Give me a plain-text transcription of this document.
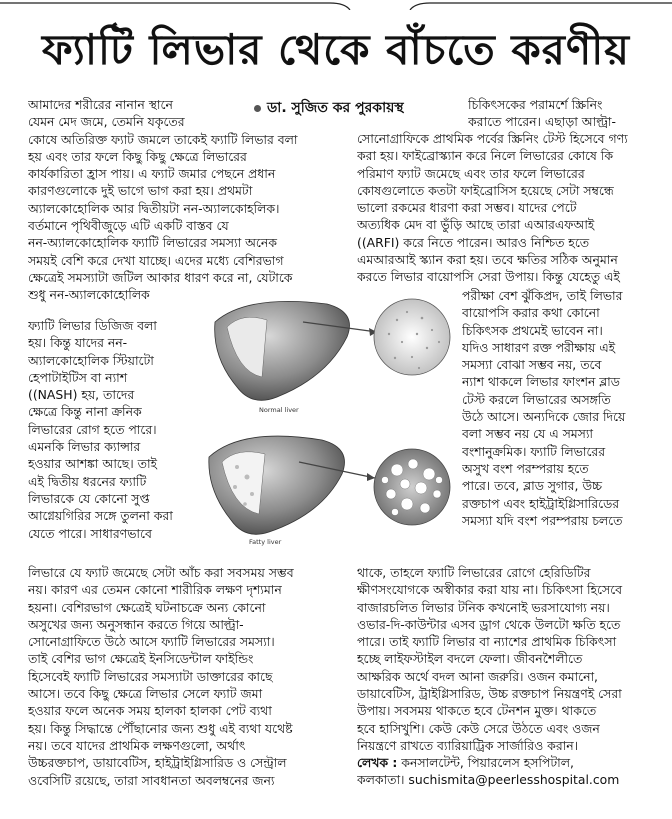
ফ্যাটি লিভার থেকে বাঁচতে করণীয়
ডা. সুজিত কর পুরকায়স্থ
আমাদের শরীরের নানান স্থানে
যেমন মেদ জমে, তেমনি যকৃতের
কোষে অতিরিক্ত ফ্যাট জমলে তাকেই ফ্যাটি লিভার বলা
হয় এবং তার ফলে কিছু কিছু ক্ষেত্রে লিভারের
কার্যকারিতা হ্রাস পায়। এ ফ্যাট জমার পেছনে প্রধান
কারণগুলোকে দুই ভাগে ভাগ করা হয়। প্রথমটা
অ্যালকোহোলিক আর দ্বিতীয়টা নন-অ্যালকোহলিক।
বর্তমানে পৃথিবীজুড়ে এটি একটি বাস্তব যে
নন-অ্যালকোহোলিক ফ্যাটি লিভারের সমস্যা অনেক
সময়ই বেশি করে দেখা যাচ্ছে। এদের মধ্যে বেশিরভাগ
ক্ষেত্রেই সমস্যাটা জটিল আকার ধারণ করে না, যেটাকে
শুধু নন-অ্যালকোহোলিক
ফ্যাটি লিভার ডিজিজ বলা
হয়। কিন্তু যাদের নন-
অ্যালকোহোলিক স্টিয়াটো
হেপাটাইটিস বা ন্যাশ
((NASH) হয়, তাদের
ক্ষেত্রে কিন্তু নানা ক্রনিক
লিভারের রোগ হতে পারে।
এমনকি লিভার ক্যান্সার
হওয়ার আশঙ্কা আছে। তাই
এই দ্বিতীয় ধরনের ফ্যাটি
লিভারকে যে কোনো সুপ্ত
আগ্নেয়গিরির সঙ্গে তুলনা করা
যেতে পারে। সাধারণভাবে
লিভারে যে ফ্যাট জমেছে সেটা আঁচ করা সবসময় সম্ভব
নয়। কারণ এর তেমন কোনো শারীরিক লক্ষণ দৃশ্যমান
হয়না। বেশিরভাগ ক্ষেত্রেই ঘটনাচক্রে অন্য কোনো
অসুখের জন্য অনুসন্ধান করতে গিয়ে আল্ট্রা-
সোনোগ্রাফিতে উঠে আসে ফ্যাটি লিভারের সমস্যা।
তাই বেশির ভাগ ক্ষেত্রেই ইনসিডেন্টাল ফাইন্ডিং
হিসেবেই ফ্যাটি লিভারের সমস্যাটা ডাক্তারের কাছে
আসে। তবে কিছু ক্ষেত্রে লিভার সেলে ফ্যাট জমা
হওয়ার ফলে অনেক সময় হালকা হালকা পেট ব্যথা
হয়। কিন্তু সিদ্ধান্তে পৌঁছানোর জন্য শুধু এই ব্যথা যথেষ্ট
নয়। তবে যাদের প্রাথমিক লক্ষণগুলো, অর্থাৎ
উচ্চরক্তচাপ, ডায়াবেটিস, হাইট্রাইগ্লিসারিড ও সেন্ট্রাল
ওবেসিটি রয়েছে, তারা সাবধানতা অবলম্বনের জন্য
চিকিৎসকের পরামর্শে স্ক্রিনিং
করাতে পারেন। এছাড়া আল্ট্রা-
সোনোগ্রাফিকে প্রাথমিক পর্বের স্ক্রিনিং টেস্ট হিসেবে গণ্য
করা হয়। ফাইব্রোস্ক্যান করে নিলে লিভারের কোষে কি
পরিমাণ ফ্যাট জমেছে এবং তার ফলে লিভারের
কোষগুলোতে কতটা ফাইব্রোসিস হয়েছে সেটা সম্বন্ধে
ভালো রকমের ধারণা করা সম্ভব। যাদের পেটে
অত্যধিক মেদ বা ভুঁড়ি আছে তারা এআরএফআই
((ARFI) করে নিতে পারেন। আরও নিশ্চিত হতে
এমআরআই স্ক্যান করা হয়। তবে ক্ষতির সঠিক অনুমান
করতে লিভার বায়োপসি সেরা উপায়। কিন্তু যেহেতু এই
পরীক্ষা বেশ ঝুঁকিপ্রদ, তাই লিভার
বায়োপসি করার কথা কোনো
চিকিৎসক প্রথমেই ভাবেন না।
যদিও সাধারণ রক্ত পরীক্ষায় এই
সমস্যা বোঝা সম্ভব নয়, তবে
ন্যাশ থাকলে লিভার ফাংশন ব্লাড
টেস্ট করলে লিভারের অসঙ্গতি
উঠে আসে। অন্যদিকে জোর দিয়ে
বলা সম্ভব নয় যে এ সমস্যা
বংশানুক্রমিক। ফ্যাটি লিভারের
অসুখ বংশ পরম্পরায় হতে
পারে। তবে, ব্লাড সুগার, উচ্চ
রক্তচাপ এবং হাইট্রাইগ্লিসারিডের
সমস্যা যদি বংশ পরম্পরায় চলতে
থাকে, তাহলে ফ্যাটি লিভারের রোগে হেরিডিটির
ক্ষীণসংযোগকে অস্বীকার করা যায় না। চিকিৎসা হিসেবে
বাজারচলিত লিভার টনিক কখনোই ভরসাযোগ্য নয়।
ওভার-দি-কাউন্টার এসব ড্রাগ থেকে উলটো ক্ষতি হতে
পারে। তাই ফ্যাটি লিভার বা ন্যাশের প্রাথমিক চিকিৎসা
হচ্ছে লাইফস্টাইল বদলে ফেলা। জীবনশৈলীতে
আক্ষরিক অর্থে বদল আনা জরুরি। ওজন কমানো,
ডায়াবেটিস, ট্রাইগ্লিসারিড, উচ্চ রক্তচাপ নিয়ন্ত্রণই সেরা
উপায়। সবসময় থাকতে হবে টেনশন মুক্ত। থাকতে
হবে হাসিখুশি। কেউ কেউ সেরে উঠতে এবং ওজন
নিয়ন্ত্রণে রাখতে ব্যারিয়াট্রিক সার্জারিও করান।
লেখক : কনসালটেন্ট, পিয়ারলেস হসপিটাল,
কলকাতা। suchismita@peerlesshospital.com
Normal liver
Fatty liver
